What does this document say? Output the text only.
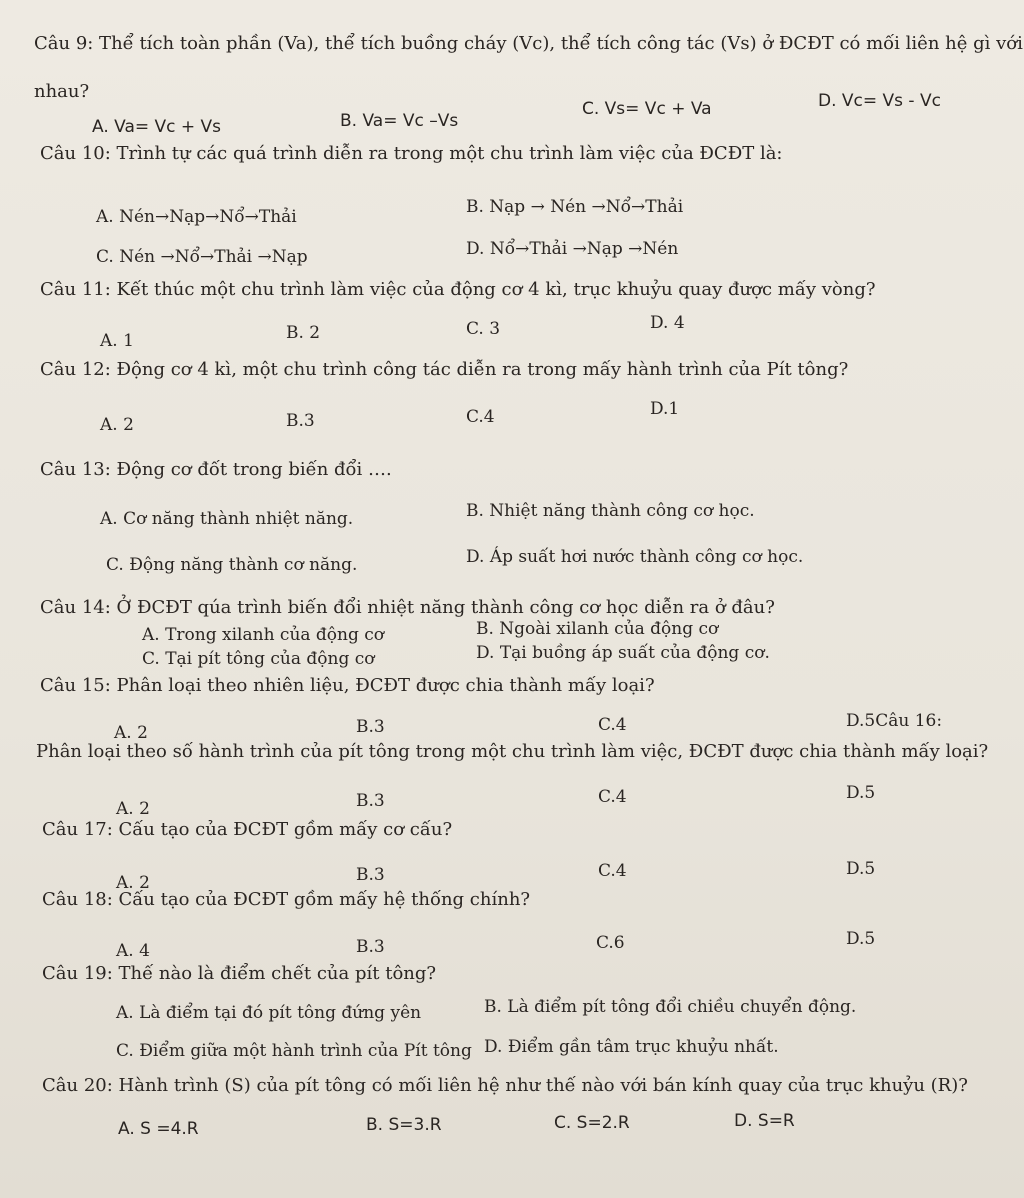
Câu 9: Thể tích toàn phần (Va), thể tích buồng cháy (Vc), thể tích công tác (Vs) ở ĐCĐT có mối liên hệ gì với
nhau?
A. Va= Vc + Vs	B. Va= Vc –Vs
C. Vs= Vc + Va	D. Vc= Vs - Vc
Câu 10: Trình tự các quá trình diễn ra trong một chu trình làm việc của ĐCĐT là:
A. Nén→Nạp→Nổ→Thải	B. Nạp → Nén →Nổ→Thải
C. Nén →Nổ→Thải →Nạp	D. Nổ→Thải →Nạp →Nén
Câu 11: Kết thúc một chu trình làm việc của động cơ 4 kì, trục khuỷu quay được mấy vòng?
A. 1	B. 2	C. 3	D. 4
Câu 12: Động cơ 4 kì, một chu trình công tác diễn ra trong mấy hành trình của Pít tông?
A. 2	B.3	C.4	D.1
Câu 13: Động cơ đốt trong biến đổi ….
A. Cơ năng thành nhiệt năng.	B. Nhiệt năng thành công cơ học.
C. Động năng thành cơ năng.	D. Áp suất hơi nước thành công cơ học.
Câu 14: Ở ĐCĐT qúa trình biến đổi nhiệt năng thành công cơ học diễn ra ở đâu?
A. Trong xilanh của động cơ	B. Ngoài xilanh của động cơ
C. Tại pít tông của động cơ	D. Tại buồng áp suất của động cơ.
Câu 15: Phân loại theo nhiên liệu, ĐCĐT được chia thành mấy loại?
A. 2	B.3	C.4	D.5Câu 16:
Phân loại theo số hành trình của pít tông trong một chu trình làm việc, ĐCĐT được chia thành mấy loại?
A. 2	B.3	C.4	D.5
Câu 17: Cấu tạo của ĐCĐT gồm mấy cơ cấu?
A. 2	B.3	C.4	D.5
Câu 18: Cấu tạo của ĐCĐT gồm mấy hệ thống chính?
A. 4	B.3	C.6	D.5
Câu 19: Thế nào là điểm chết của pít tông?
A. Là điểm tại đó pít tông đứng yên	B. Là điểm pít tông đổi chiều chuyển động.
C. Điểm giữa một hành trình của Pít tông D. Điểm gần tâm trục khuỷu nhất.
Câu 20: Hành trình (S) của pít tông có mối liên hệ như thế nào với bán kính quay của trục khuỷu (R)?
A. S =4.R	B. S=3.R	C. S=2.R	D. S=R
